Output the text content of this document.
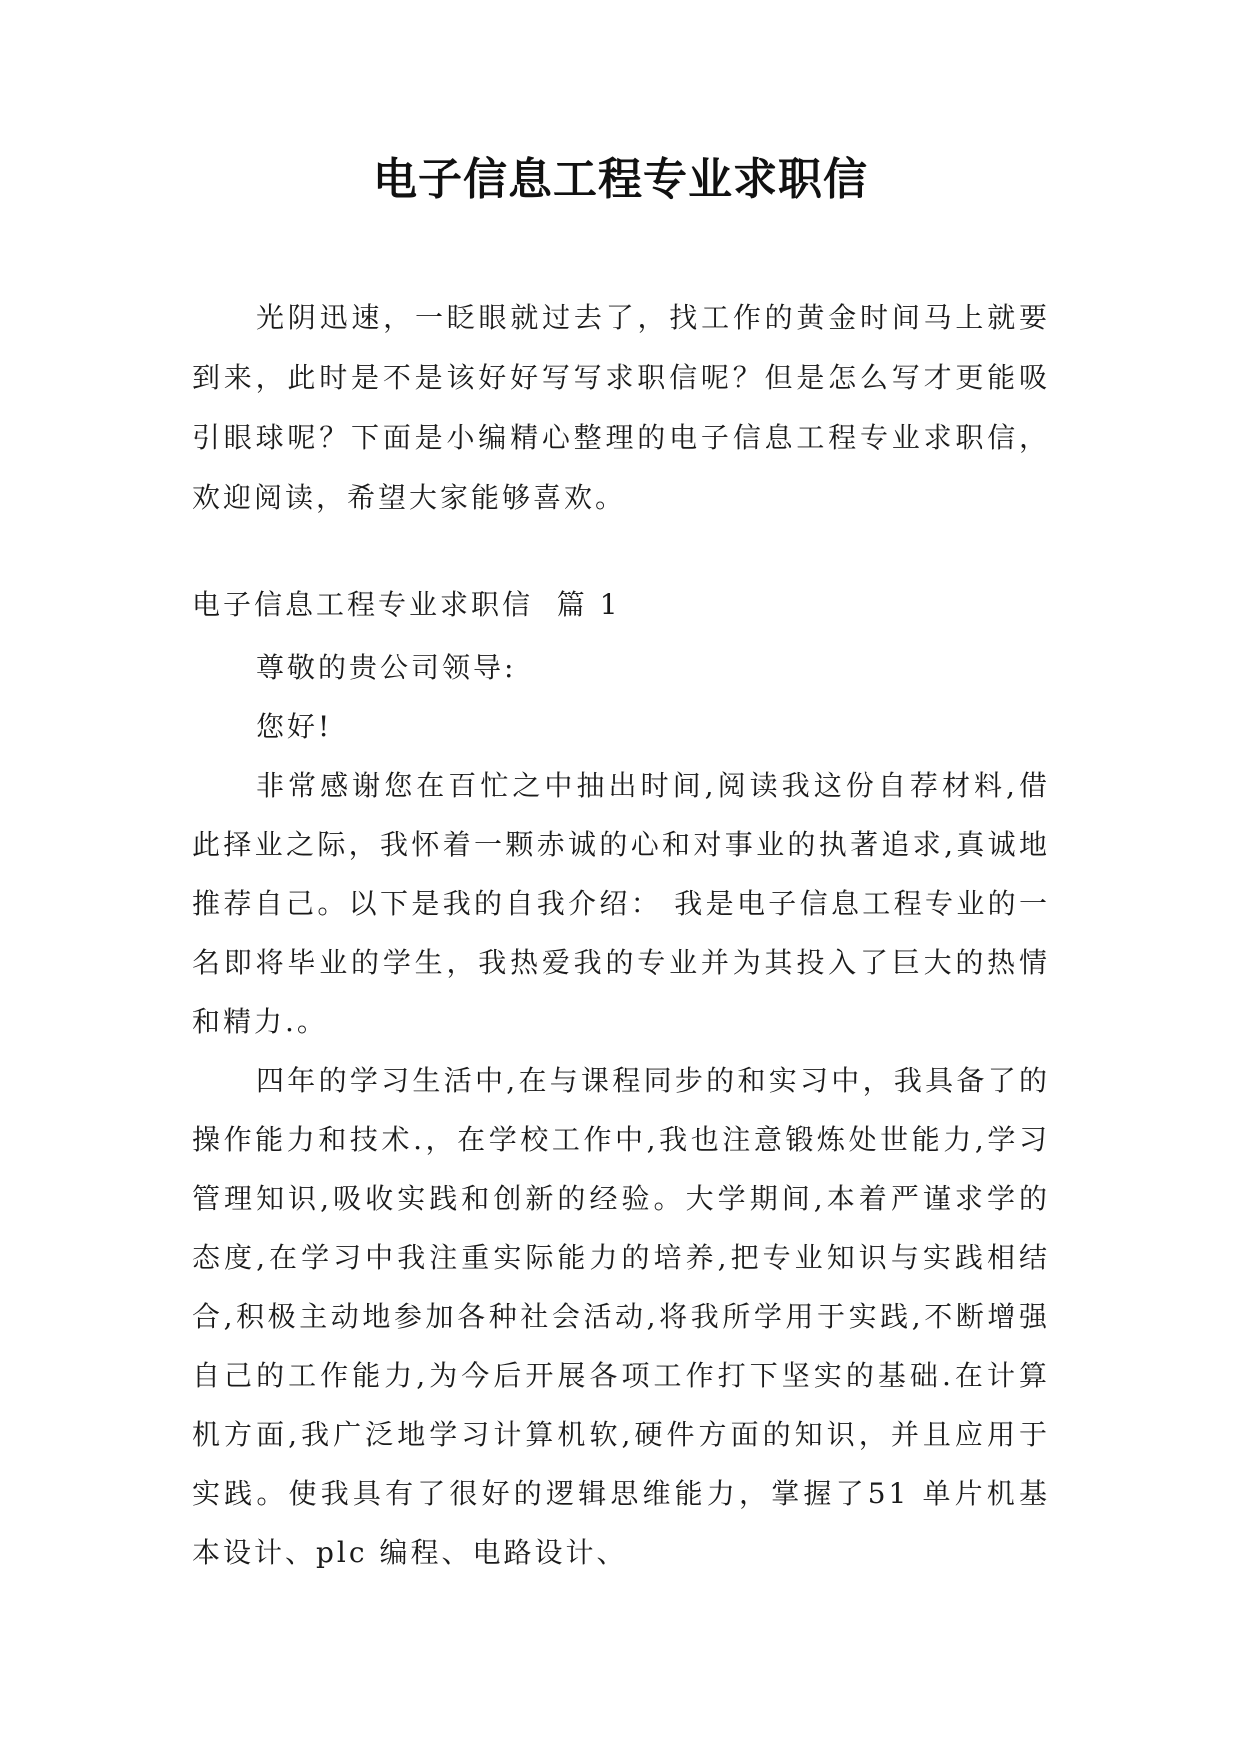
电子信息工程专业求职信

光阴迅速，一眨眼就过去了，找工作的黄金时间马上就要到来，此时是不是该好好写写求职信呢？但是怎么写才更能吸引眼球呢？下面是小编精心整理的电子信息工程专业求职信，欢迎阅读，希望大家能够喜欢。

电子信息工程专业求职信  篇 1

尊敬的贵公司领导:

您好!

非常感谢您在百忙之中抽出时间,阅读我这份自荐材料,借此择业之际，我怀着一颗赤诚的心和对事业的执著追求,真诚地推荐自己。以下是我的自我介绍： 我是电子信息工程专业的一名即将毕业的学生，我热爱我的专业并为其投入了巨大的热情和精力.。

四年的学习生活中,在与课程同步的和实习中，我具备了的操作能力和技术.，在学校工作中,我也注意锻炼处世能力,学习管理知识,吸收实践和创新的经验。大学期间,本着严谨求学的态度,在学习中我注重实际能力的培养,把专业知识与实践相结合,积极主动地参加各种社会活动,将我所学用于实践,不断增强自己的工作能力,为今后开展各项工作打下坚实的基础.在计算机方面,我广泛地学习计算机软,硬件方面的知识，并且应用于实践。使我具有了很好的逻辑思维能力，掌握了51 单片机基本设计、plc 编程、电路设计、
